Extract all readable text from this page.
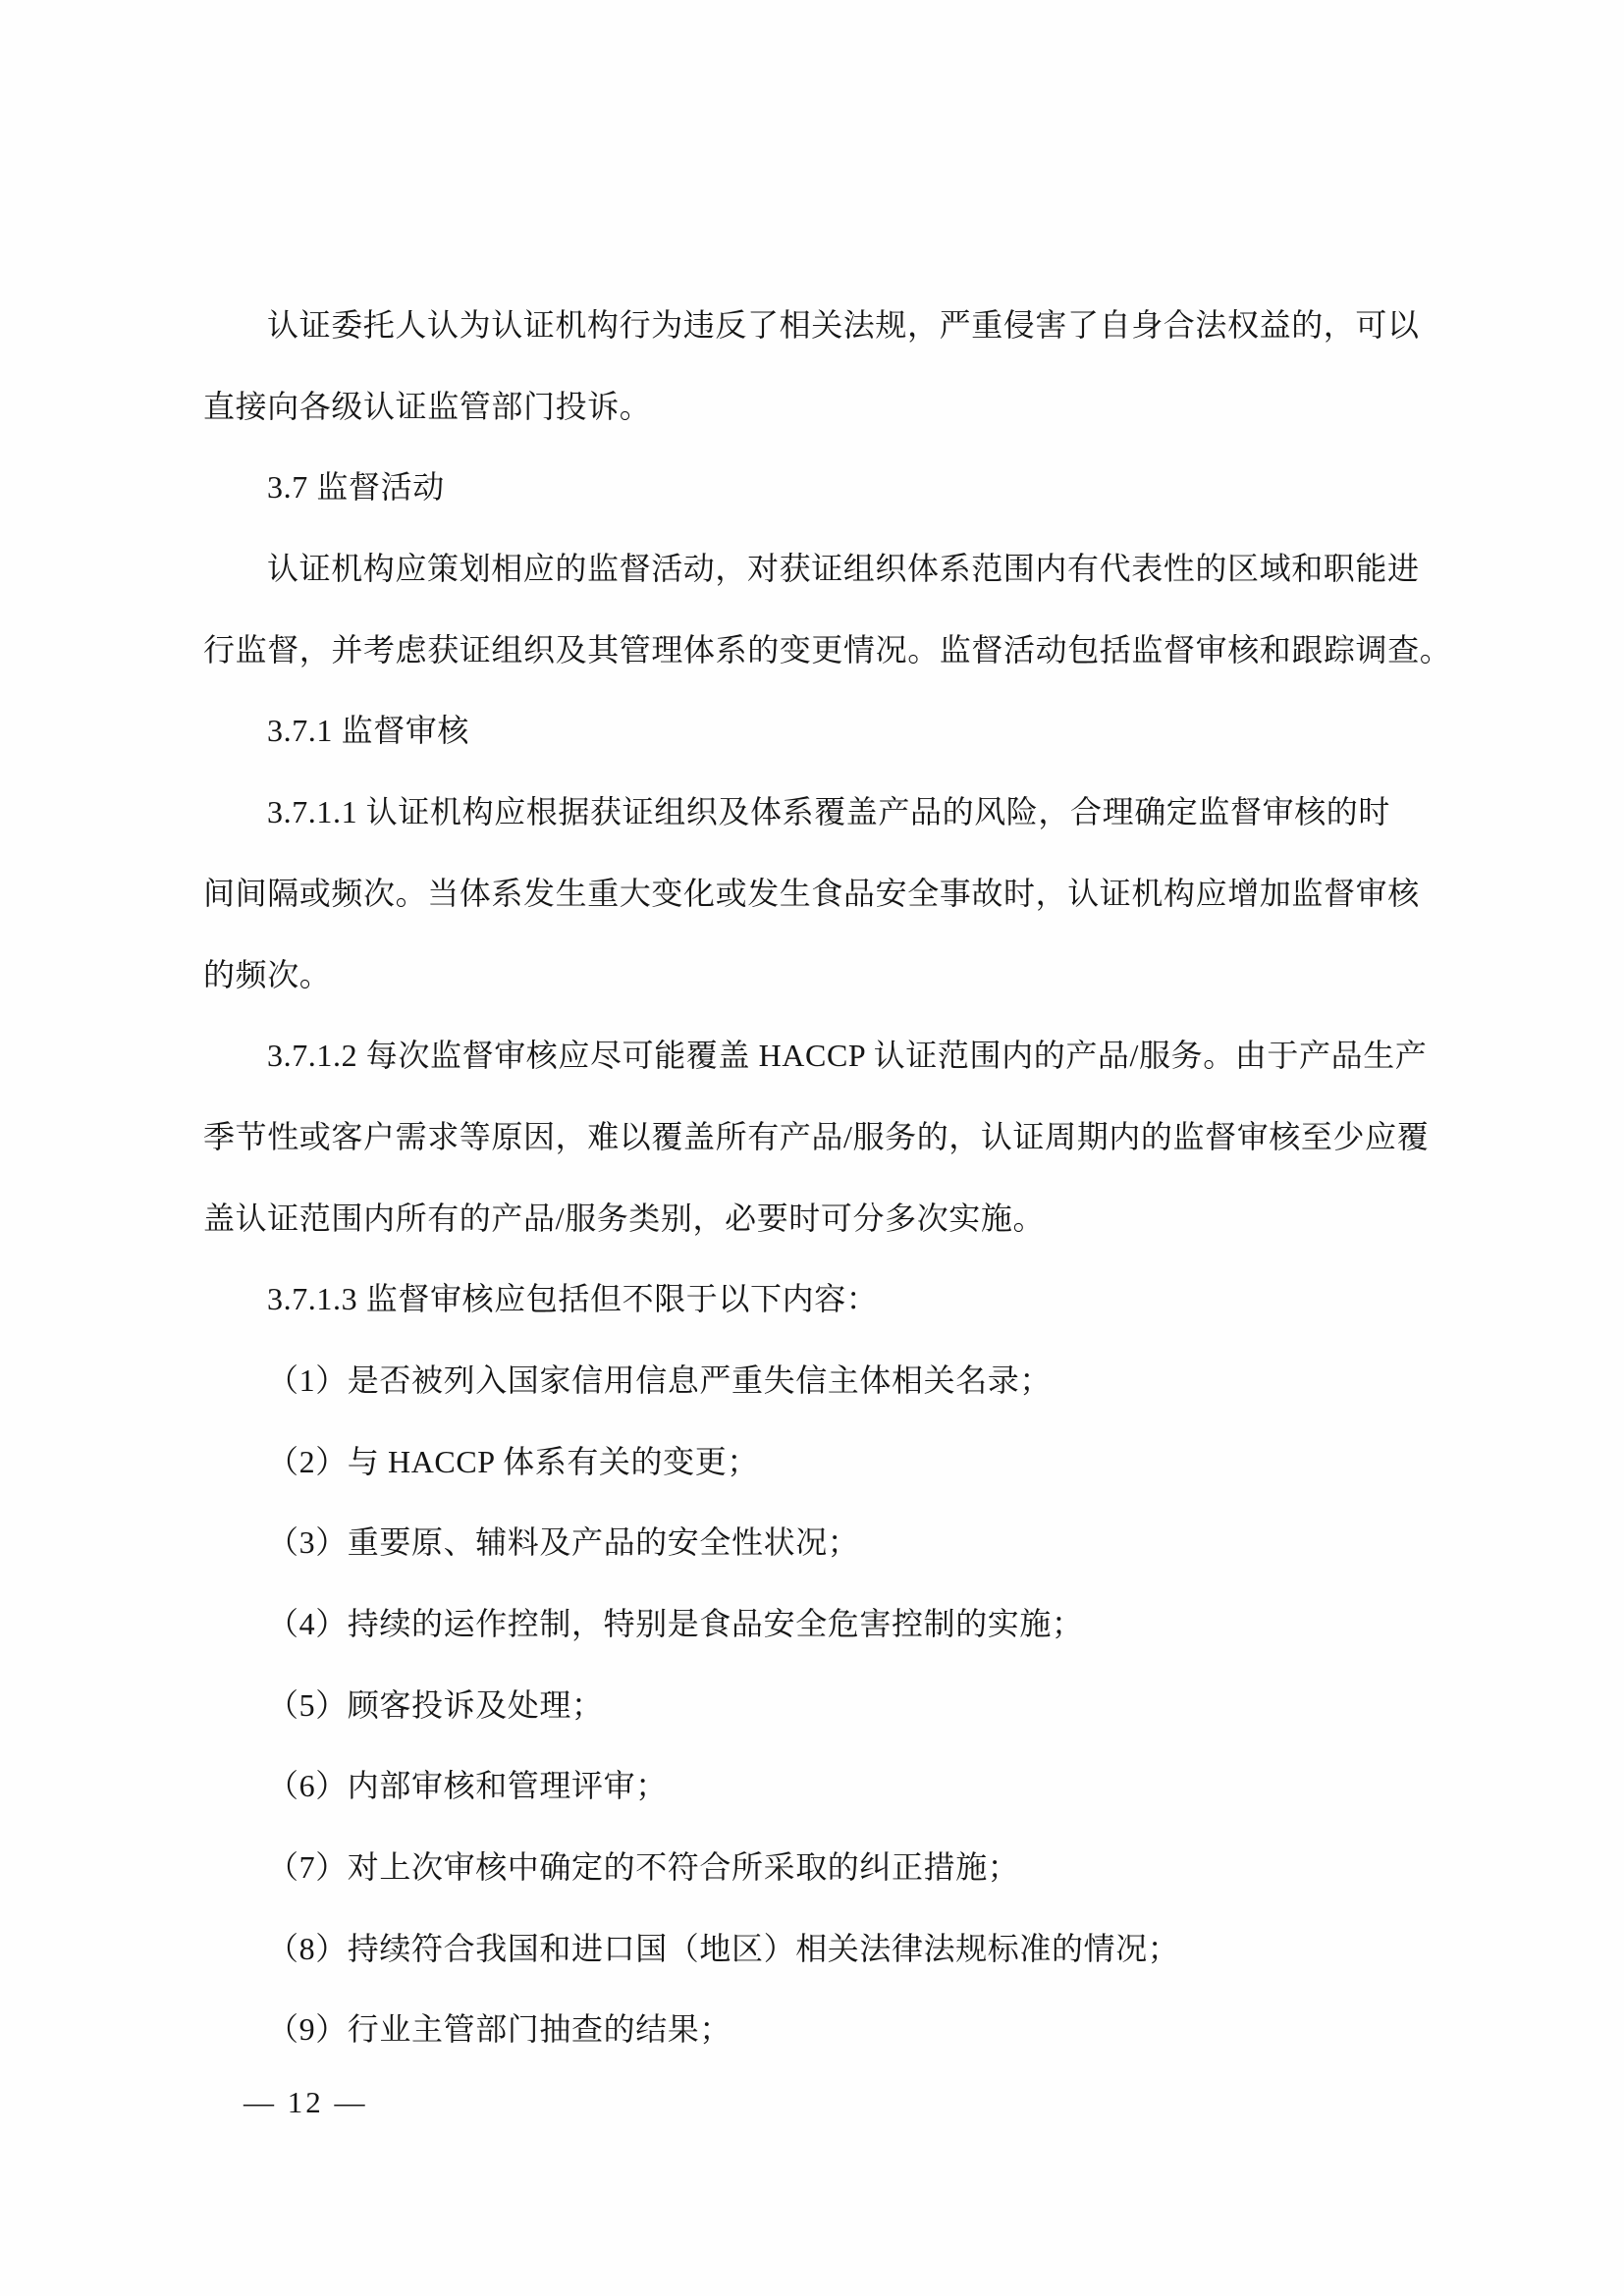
认证委托人认为认证机构行为违反了相关法规，严重侵害了自身合法权益的，可以
直接向各级认证监管部门投诉。
3.7 监督活动
认证机构应策划相应的监督活动，对获证组织体系范围内有代表性的区域和职能进
行监督，并考虑获证组织及其管理体系的变更情况。监督活动包括监督审核和跟踪调查。
3.7.1 监督审核
3.7.1.1 认证机构应根据获证组织及体系覆盖产品的风险，合理确定监督审核的时
间间隔或频次。当体系发生重大变化或发生食品安全事故时，认证机构应增加监督审核
的频次。
3.7.1.2 每次监督审核应尽可能覆盖 HACCP 认证范围内的产品/服务。由于产品生产
季节性或客户需求等原因，难以覆盖所有产品/服务的，认证周期内的监督审核至少应覆
盖认证范围内所有的产品/服务类别，必要时可分多次实施。
3.7.1.3 监督审核应包括但不限于以下内容：
（1）是否被列入国家信用信息严重失信主体相关名录；
（2）与 HACCP 体系有关的变更；
（3）重要原、辅料及产品的安全性状况；
（4）持续的运作控制，特别是食品安全危害控制的实施；
（5）顾客投诉及处理；
（6）内部审核和管理评审；
（7）对上次审核中确定的不符合所采取的纠正措施；
（8）持续符合我国和进口国（地区）相关法律法规标准的情况；
（9）行业主管部门抽查的结果；
— 12 —
